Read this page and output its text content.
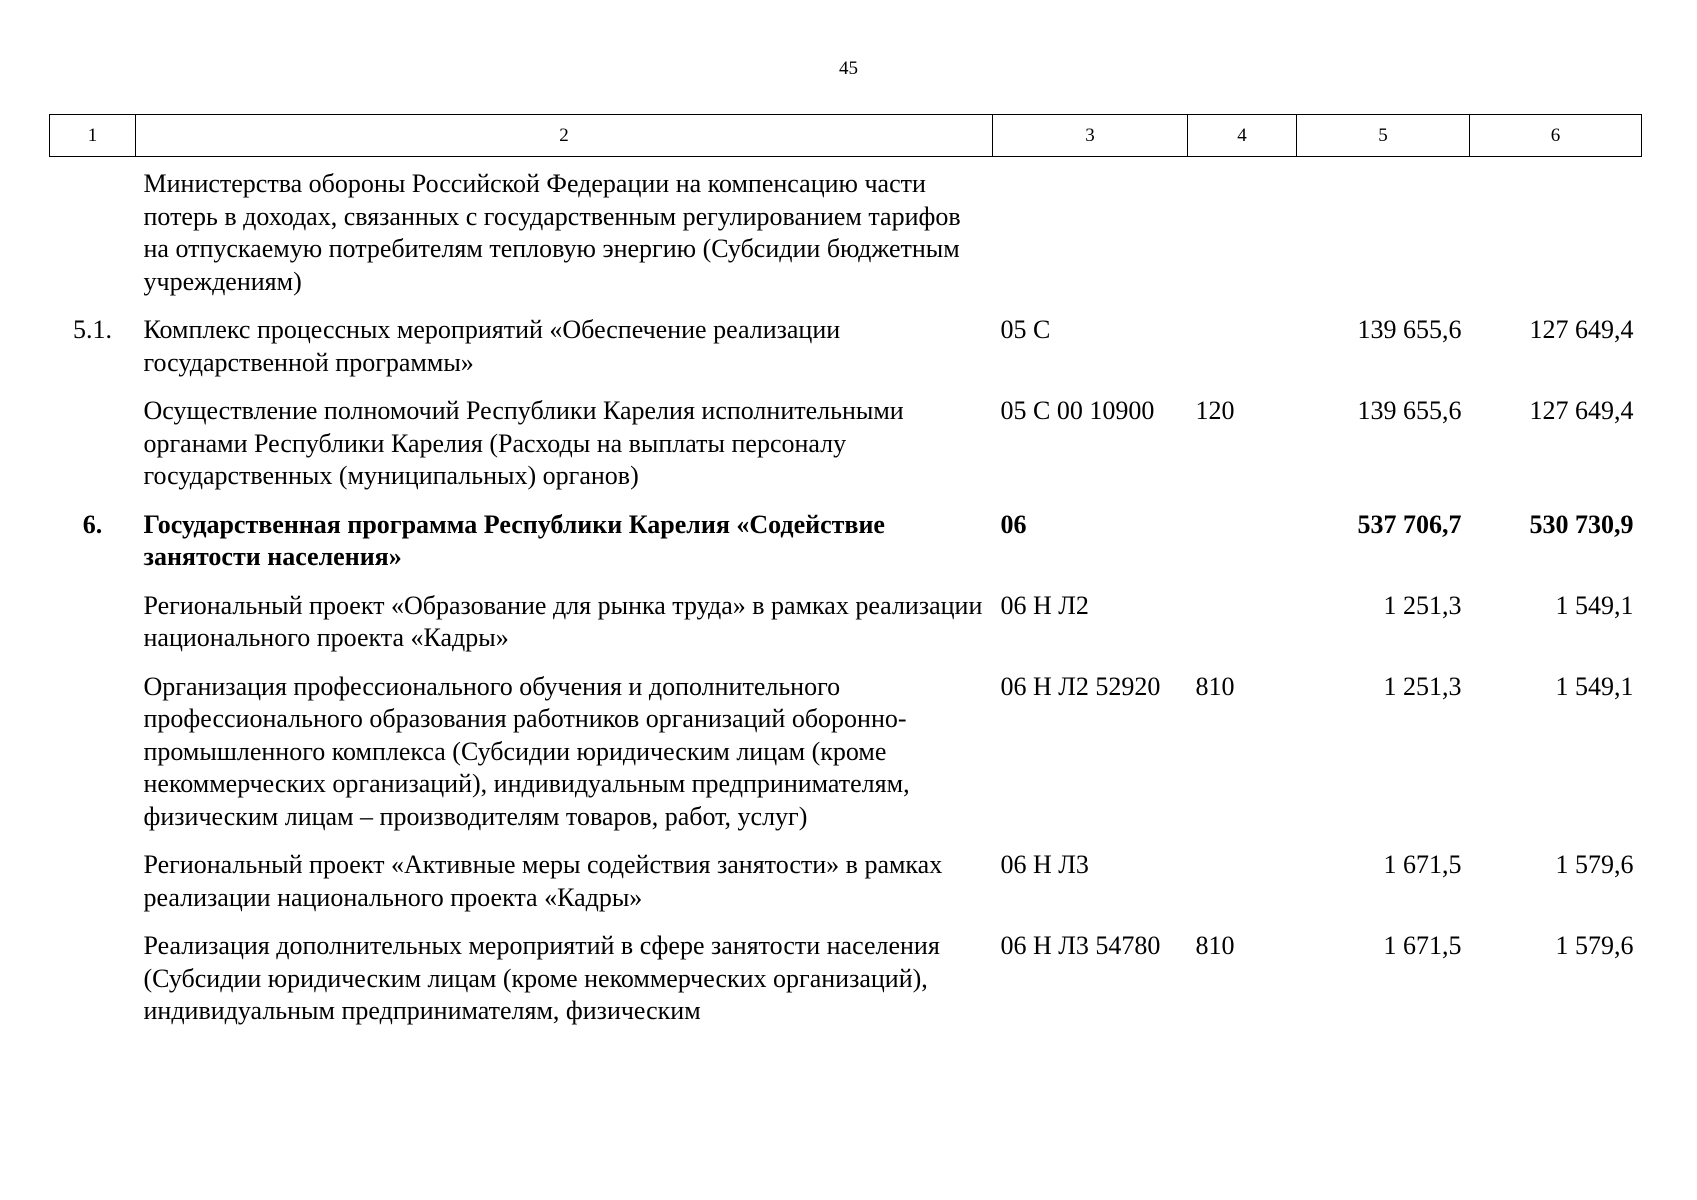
45
1	2	3	4	5	6
	Министерства обороны Российской Федерации на компенсацию части потерь в доходах, связанных с государственным регулированием тарифов на отпускаемую потребителям тепловую энергию (Субсидии бюджетным учреждениям)				
5.1.	Комплекс процессных мероприятий «Обеспечение реализации государственной программы»	05 С		139 655,6	127 649,4
	Осуществление полномочий Республики Карелия исполнительными органами Республики Карелия (Расходы на выплаты персоналу государственных (муниципальных) органов)	05 С 00 10900	120	139 655,6	127 649,4
6.	Государственная программа Республики Карелия «Содействие занятости населения»	06		537 706,7	530 730,9
	Региональный проект «Образование для рынка труда» в рамках реализации национального проекта «Кадры»	06 Н Л2		1 251,3	1 549,1
	Организация профессионального обучения и дополнительного профессионального образования работников организаций оборонно-промышленного комплекса (Субсидии юридическим лицам (кроме некоммерческих организаций), индивидуальным предпринимателям, физическим лицам – производителям товаров, работ, услуг)	06 Н Л2 52920	810	1 251,3	1 549,1
	Региональный проект «Активные меры содействия занятости» в рамках реализации национального проекта «Кадры»	06 Н Л3		1 671,5	1 579,6
	Реализация дополнительных мероприятий в сфере занятости населения (Субсидии юридическим лицам (кроме некоммерческих организаций), индивидуальным предпринимателям, физическим	06 Н Л3 54780	810	1 671,5	1 579,6
